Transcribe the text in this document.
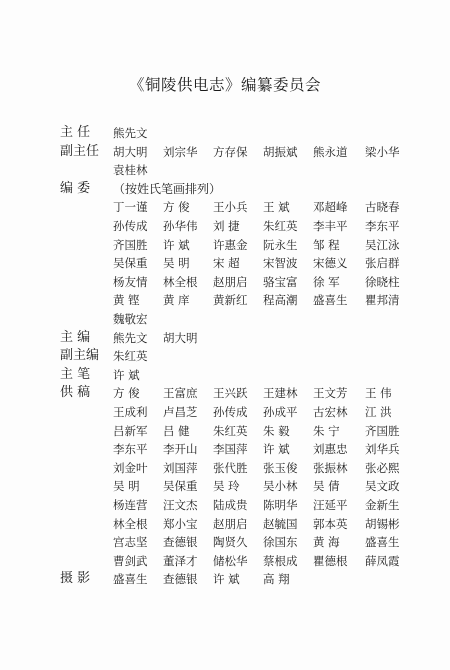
《铜陵供电志》编纂委员会
主 任	熊先文
副主任	胡大明 刘宗华 方存保 胡振斌 熊永道 梁小华
袁桂林
编 委	（按姓氏笔画排列）
丁一谨 方 俊 王小兵 王 斌 邓超峰 古晓春
孙传成 孙华伟 刘 捷 朱红英 李丰平 李东平
齐国胜 许 斌 许惠金 阮永生 邹 程 吴江泳
吴保重 吴 明 宋 超 宋智波 宋德义 张启群
杨友情 林全根 赵朋启 骆宝富 徐 军 徐晓柱
黄 铿 黄 庠 黄新红 程高潮 盛喜生 瞿邦清
魏敬宏
主 编	熊先文 胡大明
副主编	朱红英
主 笔	许 斌
供 稿	方 俊 王富庶 王兴跃 王建林 王文芳 王 伟
王成利 卢昌芝 孙传成 孙成平 古宏林 江 洪
吕新军 吕 健 朱红英 朱 毅 朱 宁 齐国胜
李东平 李开山 李国萍 许 斌 刘惠忠 刘华兵
刘金叶 刘国萍 张代胜 张玉俊 张振林 张必熙
吴 明 吴保重 吴 玲 吴小林 吴 倩 吴文政
杨连营 汪文杰 陆成贵 陈明华 汪延平 金新生
林全根 郑小宝 赵朋启 赵毓国 郭本英 胡锡彬
宫志坚 查德银 陶贤久 徐国东 黄 海 盛喜生
曹剑武 董泽才 储松华 蔡根成 瞿德根 薛凤霞
摄 影	盛喜生 查德银 许 斌 高 翔
